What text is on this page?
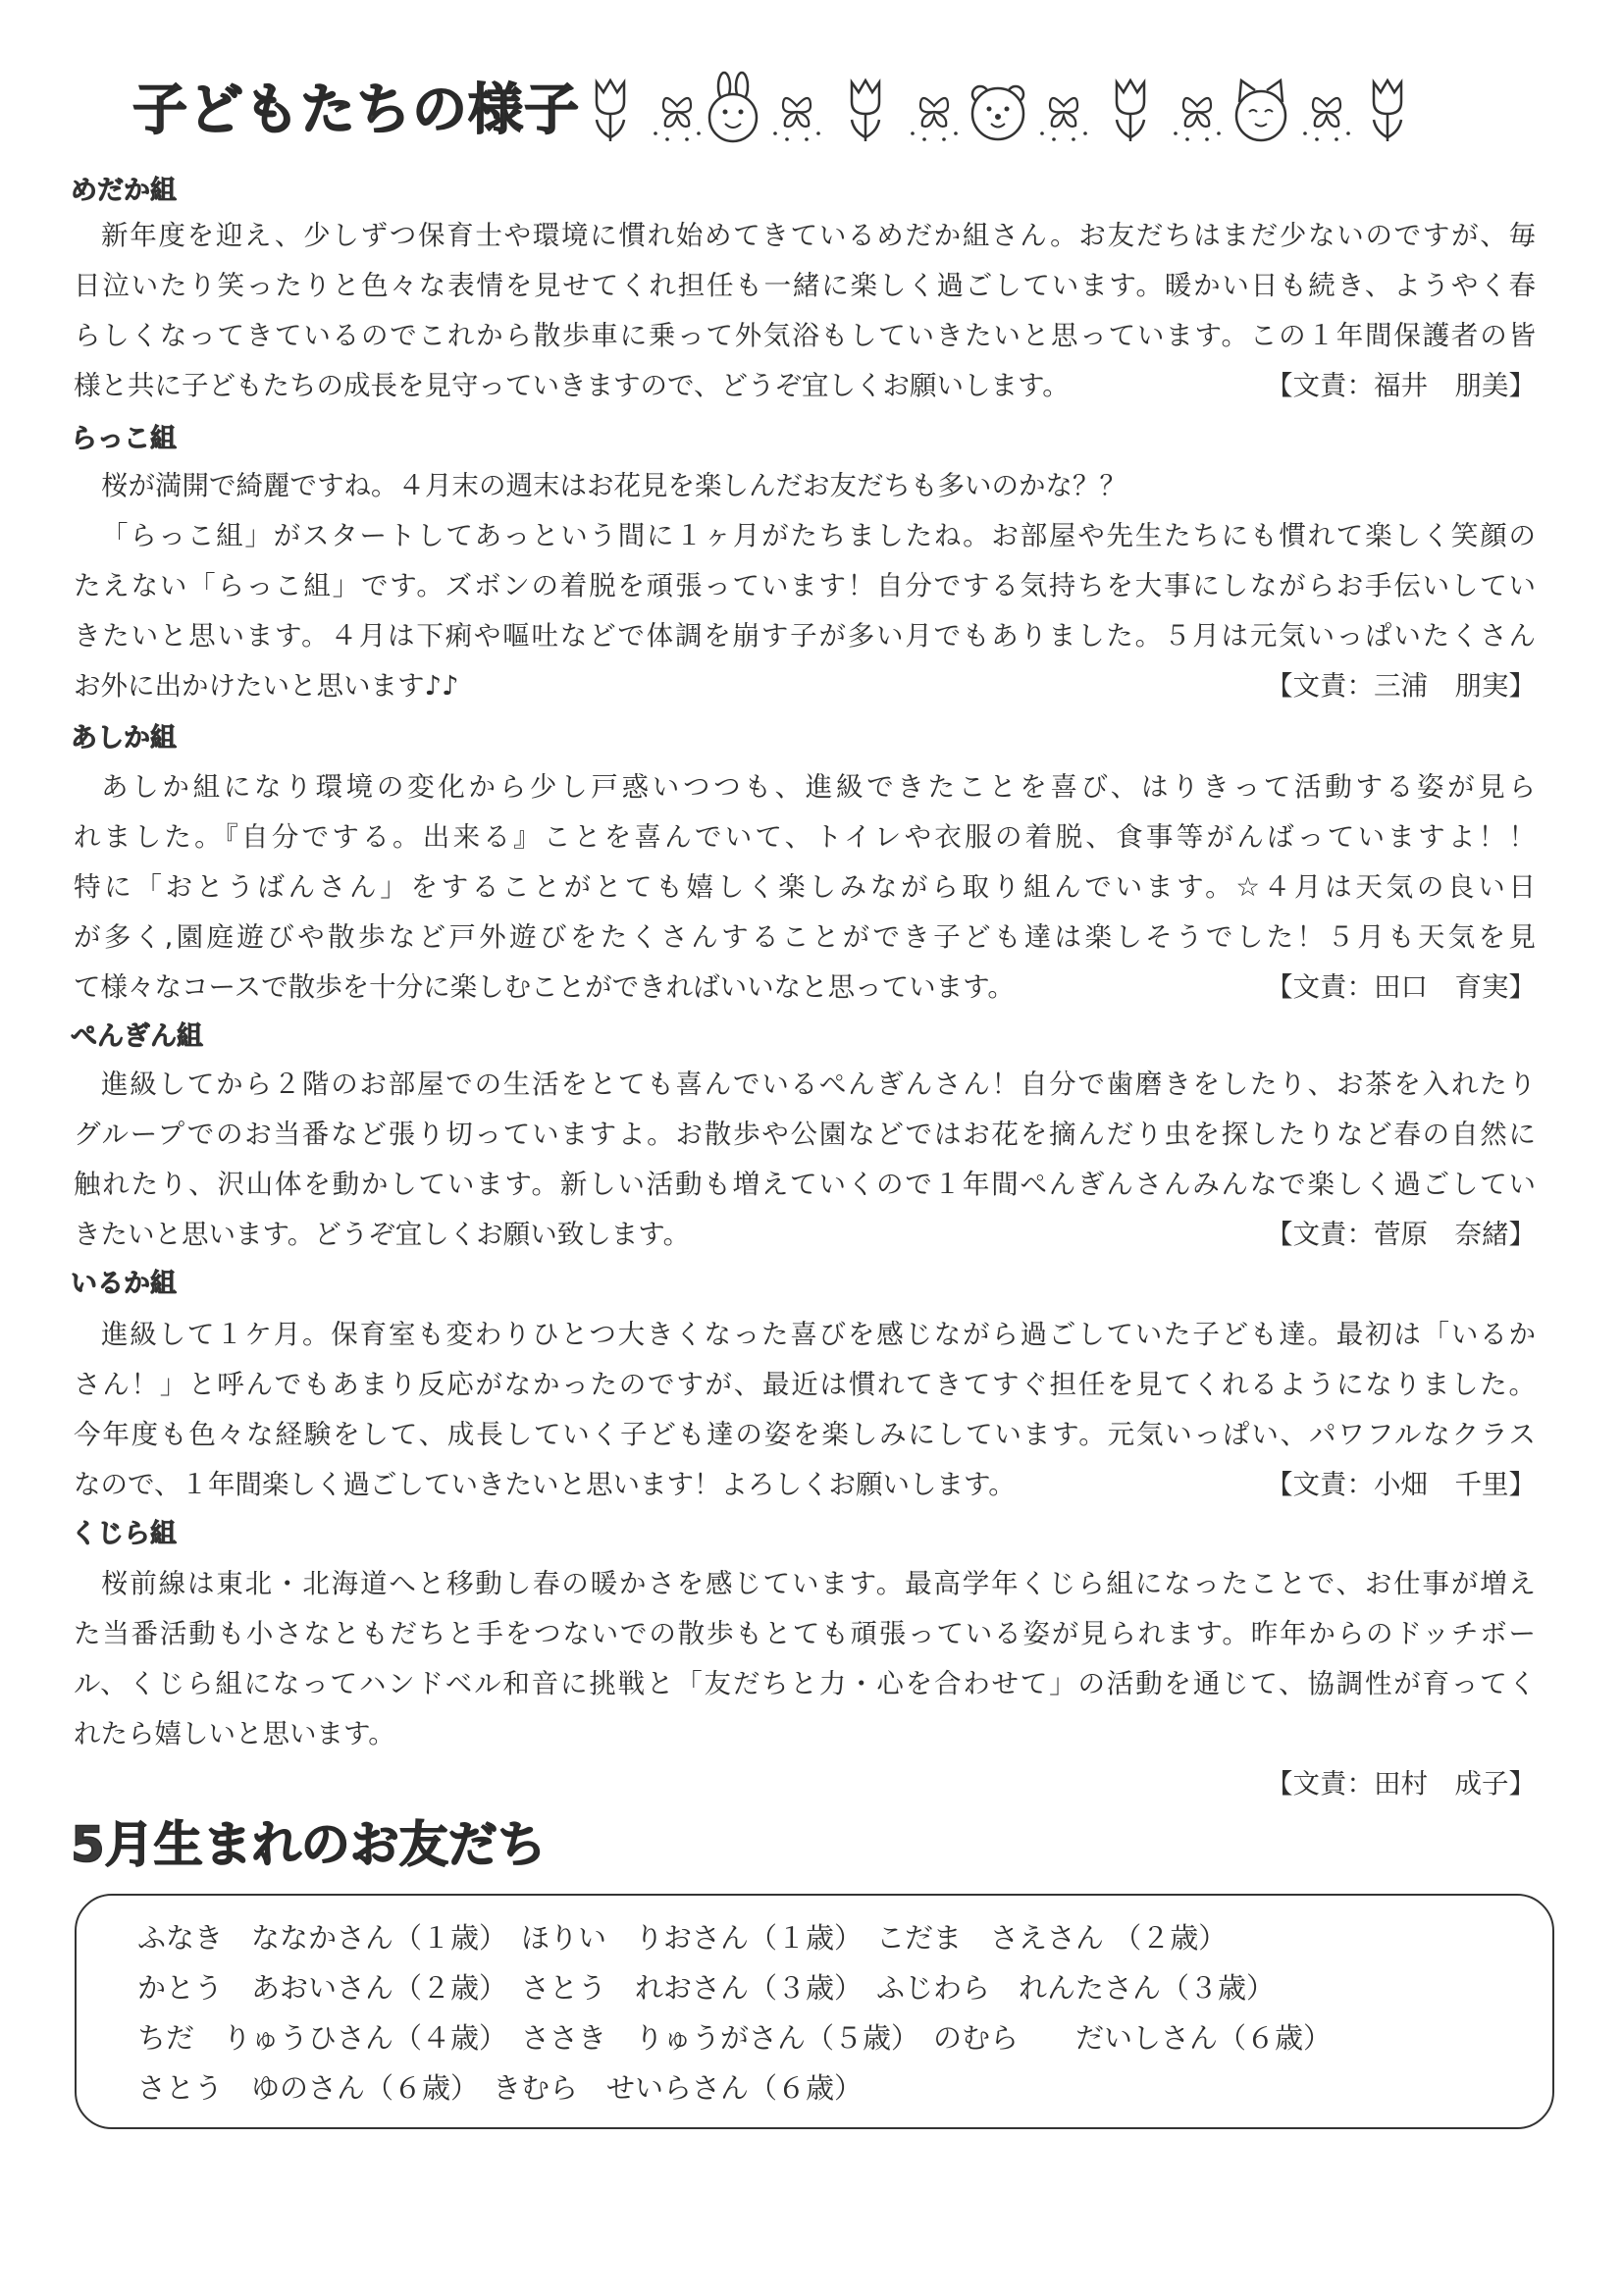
子どもたちの様子
めだか組
新年度を迎え、少しずつ保育士や環境に慣れ始めてきているめだか組さん。お友だちはまだ少ないのですが、毎
日泣いたり笑ったりと色々な表情を見せてくれ担任も一緒に楽しく過ごしています。暖かい日も続き、ようやく春
らしくなってきているのでこれから散歩車に乗って外気浴もしていきたいと思っています。この１年間保護者の皆
様と共に子どもたちの成長を見守っていきますので、どうぞ宜しくお願いします。	【文責：福井　朋美】
らっこ組
桜が満開で綺麗ですね。４月末の週末はお花見を楽しんだお友だちも多いのかな？？
「らっこ組」がスタートしてあっという間に１ヶ月がたちましたね。お部屋や先生たちにも慣れて楽しく笑顔の
たえない「らっこ組」です。ズボンの着脱を頑張っています！自分でする気持ちを大事にしながらお手伝いしてい
きたいと思います。４月は下痢や嘔吐などで体調を崩す子が多い月でもありました。５月は元気いっぱいたくさん
お外に出かけたいと思います♪♪	【文責：三浦　朋実】
あしか組
あしか組になり環境の変化から少し戸惑いつつも、進級できたことを喜び、はりきって活動する姿が見ら
れました。『自分でする。出来る』ことを喜んでいて、トイレや衣服の着脱、食事等がんばっていますよ！！
特に「おとうばんさん」をすることがとても嬉しく楽しみながら取り組んでいます。☆４月は天気の良い日
が多く,園庭遊びや散歩など戸外遊びをたくさんすることができ子ども達は楽しそうでした！５月も天気を見
て様々なコースで散歩を十分に楽しむことができればいいなと思っています。	【文責：田口　育実】
ぺんぎん組
進級してから２階のお部屋での生活をとても喜んでいるぺんぎんさん！自分で歯磨きをしたり、お茶を入れたり
グループでのお当番など張り切っていますよ。お散歩や公園などではお花を摘んだり虫を探したりなど春の自然に
触れたり、沢山体を動かしています。新しい活動も増えていくので１年間ぺんぎんさんみんなで楽しく過ごしてい
きたいと思います。どうぞ宜しくお願い致します。	【文責：菅原　奈緒】
いるか組
進級して１ケ月。保育室も変わりひとつ大きくなった喜びを感じながら過ごしていた子ども達。最初は「いるか
さん！」と呼んでもあまり反応がなかったのですが、最近は慣れてきてすぐ担任を見てくれるようになりました。
今年度も色々な経験をして、成長していく子ども達の姿を楽しみにしています。元気いっぱい、パワフルなクラス
なので、１年間楽しく過ごしていきたいと思います！よろしくお願いします。	【文責：小畑　千里】
くじら組
桜前線は東北・北海道へと移動し春の暖かさを感じています。最高学年くじら組になったことで、お仕事が増え
た当番活動も小さなともだちと手をつないでの散歩もとても頑張っている姿が見られます。昨年からのドッチボー
ル、くじら組になってハンドベル和音に挑戦と「友だちと力・心を合わせて」の活動を通じて、協調性が育ってく
れたら嬉しいと思います。
【文責：田村　成子】
5月生まれのお友だち
ふなき　ななかさん（１歳） ほりい　りおさん（１歳） こだま　さえさん （２歳）
かとう　あおいさん（２歳） さとう　れおさん（３歳） ふじわら　れんたさん（３歳）
ちだ　りゅうひさん（４歳） ささき　りゅうがさん（５歳） のむら　　だいしさん（６歳）
さとう　ゆのさん（６歳） きむら　せいらさん（６歳）
